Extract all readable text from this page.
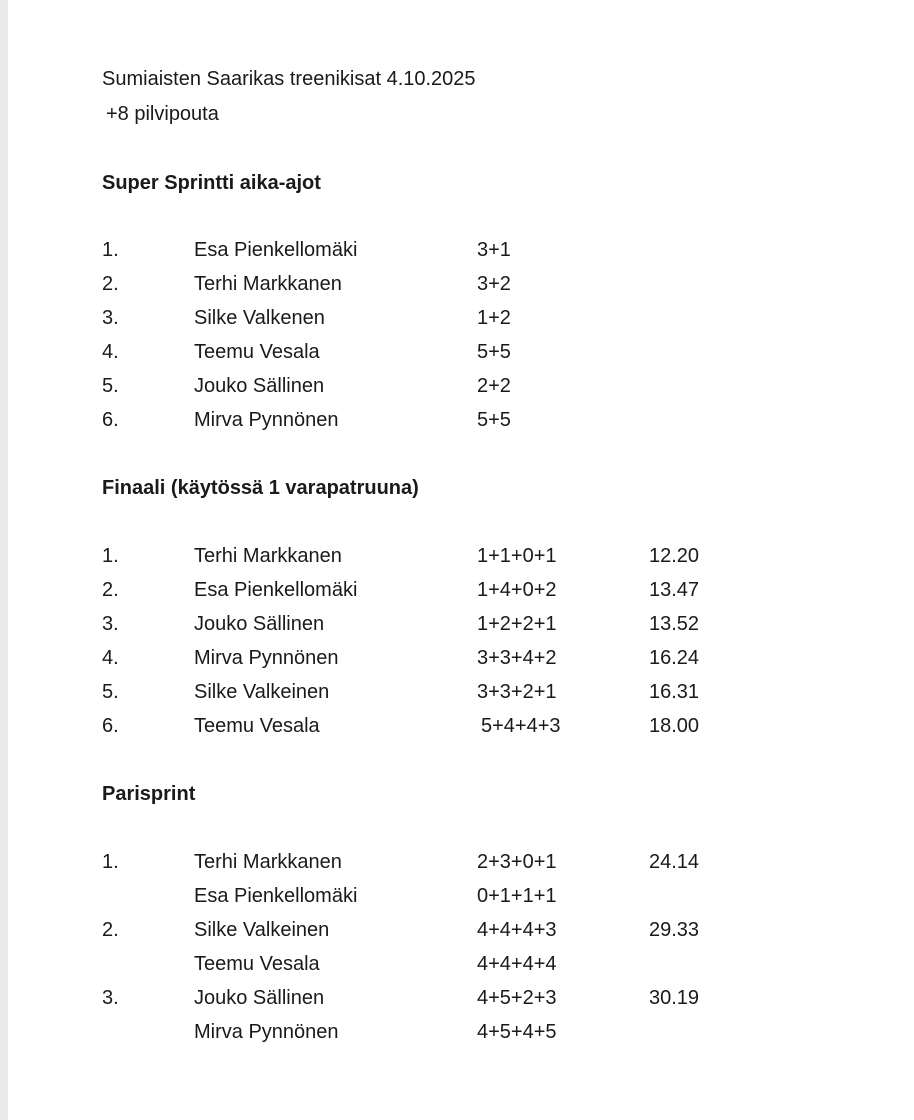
Sumiaisten Saarikas treenikisat 4.10.2025
+8 pilvipouta
Super Sprintti aika-ajot
1.	Esa Pienkellomäki	3+1
2.	Terhi Markkanen	3+2
3.	Silke Valkenen	1+2
4.	Teemu Vesala	5+5
5.	Jouko Sällinen	2+2
6.	Mirva Pynnönen	5+5
Finaali (käytössä 1 varapatruuna)
1.	Terhi Markkanen	1+1+0+1	12.20
2.	Esa Pienkellomäki	1+4+0+2	13.47
3.	Jouko Sällinen	1+2+2+1	13.52
4.	Mirva Pynnönen	3+3+4+2	16.24
5.	Silke Valkeinen	3+3+2+1	16.31
6.	Teemu Vesala	5+4+4+3	18.00
Parisprint
1.	Terhi Markkanen	2+3+0+1	24.14
Esa Pienkellomäki	0+1+1+1
2.	Silke Valkeinen	4+4+4+3	29.33
Teemu Vesala	4+4+4+4
3.	Jouko Sällinen	4+5+2+3	30.19
Mirva Pynnönen	4+5+4+5
